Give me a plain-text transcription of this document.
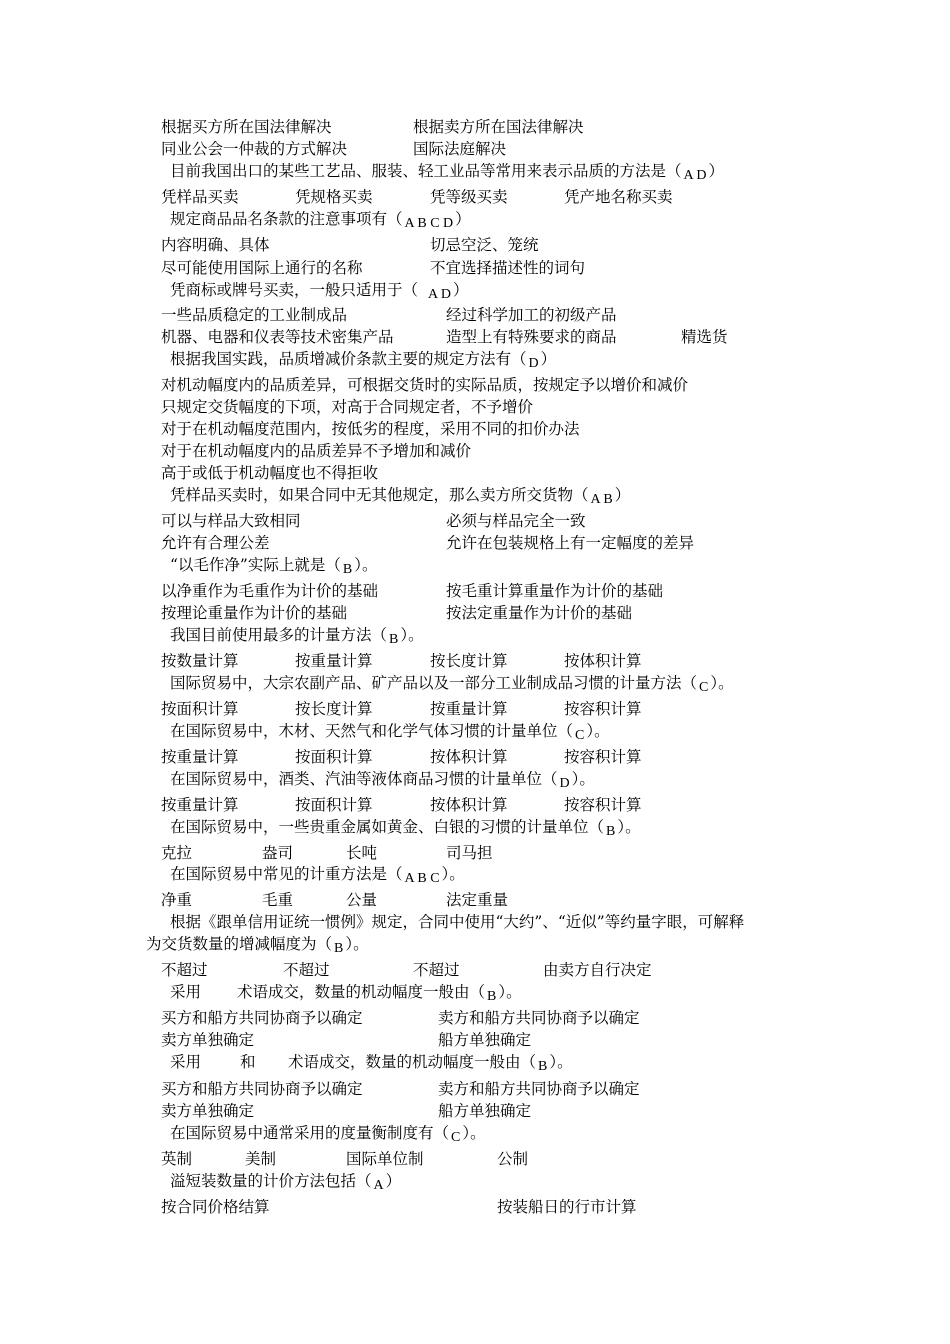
根据买方所在国法律解决	根据卖方所在国法律解决
同业公会一仲裁的方式解决	国际法庭解决
目前我国出口的某些工艺品、服装、轻工业品等常用来表示品质的方法是（ A D ）
凭样品买卖	凭规格买卖	凭等级买卖	凭产地名称买卖
规定商品品名条款的注意事项有（ A B C D ）
内容明确、具体	切忌空泛、笼统
尽可能使用国际上通行的名称	不宜选择描述性的词句
凭商标或牌号买卖，一般只适用于（ A D ）
一些品质稳定的工业制成品	经过科学加工的初级产品
机器、电器和仪表等技术密集产品	造型上有特殊要求的商品	精选货
根据我国实践，品质增减价条款主要的规定方法有（ D ）
对机动幅度内的品质差异，可根据交货时的实际品质，按规定予以增价和减价
只规定交货幅度的下项，对高于合同规定者，不予增价
对于在机动幅度范围内，按低劣的程度，采用不同的扣价办法
对于在机动幅度内的品质差异不予增加和减价
高于或低于机动幅度也不得拒收
凭样品买卖时，如果合同中无其他规定，那么卖方所交货物（ A B ）
可以与样品大致相同	必须与样品完全一致
允许有合理公差	允许在包装规格上有一定幅度的差异
“以毛作净”实际上就是（ B ）。
以净重作为毛重作为计价的基础	按毛重计算重量作为计价的基础
按理论重量作为计价的基础	按法定重量作为计价的基础
我国目前使用最多的计量方法（ B ）。
按数量计算	按重量计算	按长度计算	按体积计算
国际贸易中，大宗农副产品、矿产品以及一部分工业制成品习惯的计量方法（ C ）。
按面积计算	按长度计算	按重量计算	按容积计算
在国际贸易中，木材、天然气和化学气体习惯的计量单位（ C ）。
按重量计算	按面积计算	按体积计算	按容积计算
在国际贸易中，酒类、汽油等液体商品习惯的计量单位（ D ）。
按重量计算	按面积计算	按体积计算	按容积计算
在国际贸易中，一些贵重金属如黄金、白银的习惯的计量单位（ B ）。
克拉	盎司	长吨	司马担
在国际贸易中常见的计重方法是（ A B C ）。
净重	毛重	公量	法定重量
根据《跟单信用证统一惯例》规定，合同中使用“大约”、“近似”等约量字眼，可解释
为交货数量的增减幅度为（ B ）。
不超过	不超过	不超过	由卖方自行决定
采用 术语成交，数量的机动幅度一般由（ B ）。
买方和船方共同协商予以确定	卖方和船方共同协商予以确定
卖方单独确定	船方单独确定
采用	和 术语成交，数量的机动幅度一般由（ B ）。
买方和船方共同协商予以确定	卖方和船方共同协商予以确定
卖方单独确定	船方单独确定
在国际贸易中通常采用的度量衡制度有（ C ）。
英制	美制	国际单位制	公制
溢短装数量的计价方法包括（ A ）
按合同价格结算	按装船日的行市计算
